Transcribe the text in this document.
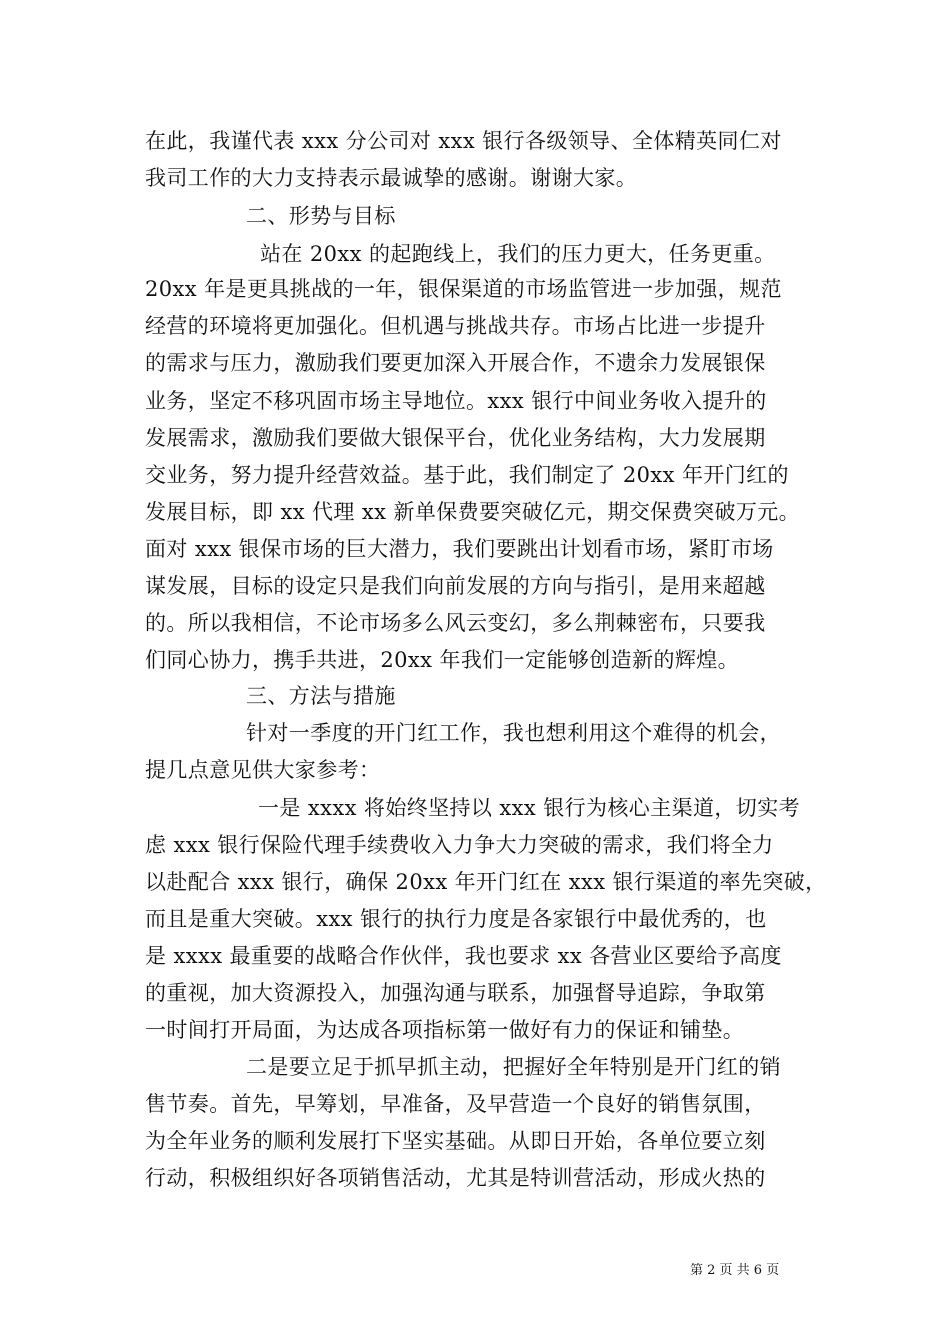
在此，我谨代表 xxx 分公司对 xxx 银行各级领导、全体精英同仁对
我司工作的大力支持表示最诚挚的感谢。谢谢大家。
二、形势与目标
站在 20xx 的起跑线上，我们的压力更大，任务更重。
20xx 年是更具挑战的一年，银保渠道的市场监管进一步加强，规范
经营的环境将更加强化。但机遇与挑战共存。市场占比进一步提升
的需求与压力，激励我们要更加深入开展合作，不遗余力发展银保
业务，坚定不移巩固市场主导地位。xxx 银行中间业务收入提升的
发展需求，激励我们要做大银保平台，优化业务结构，大力发展期
交业务，努力提升经营效益。基于此，我们制定了 20xx 年开门红的
发展目标，即 xx 代理 xx 新单保费要突破亿元，期交保费突破万元。
面对 xxx 银保市场的巨大潜力，我们要跳出计划看市场，紧盯市场
谋发展，目标的设定只是我们向前发展的方向与指引，是用来超越
的。所以我相信，不论市场多么风云变幻，多么荆棘密布，只要我
们同心协力，携手共进，20xx 年我们一定能够创造新的辉煌。
三、方法与措施
针对一季度的开门红工作，我也想利用这个难得的机会，
提几点意见供大家参考：
一是 xxxx 将始终坚持以 xxx 银行为核心主渠道，切实考
虑 xxx 银行保险代理手续费收入力争大力突破的需求，我们将全力
以赴配合 xxx 银行，确保 20xx 年开门红在 xxx 银行渠道的率先突破，
而且是重大突破。xxx 银行的执行力度是各家银行中最优秀的，也
是 xxxx 最重要的战略合作伙伴，我也要求 xx 各营业区要给予高度
的重视，加大资源投入，加强沟通与联系，加强督导追踪，争取第
一时间打开局面，为达成各项指标第一做好有力的保证和铺垫。
二是要立足于抓早抓主动，把握好全年特别是开门红的销
售节奏。首先，早筹划，早准备，及早营造一个良好的销售氛围，
为全年业务的顺利发展打下坚实基础。从即日开始，各单位要立刻
行动，积极组织好各项销售活动，尤其是特训营活动，形成火热的
第 2 页 共 6 页
